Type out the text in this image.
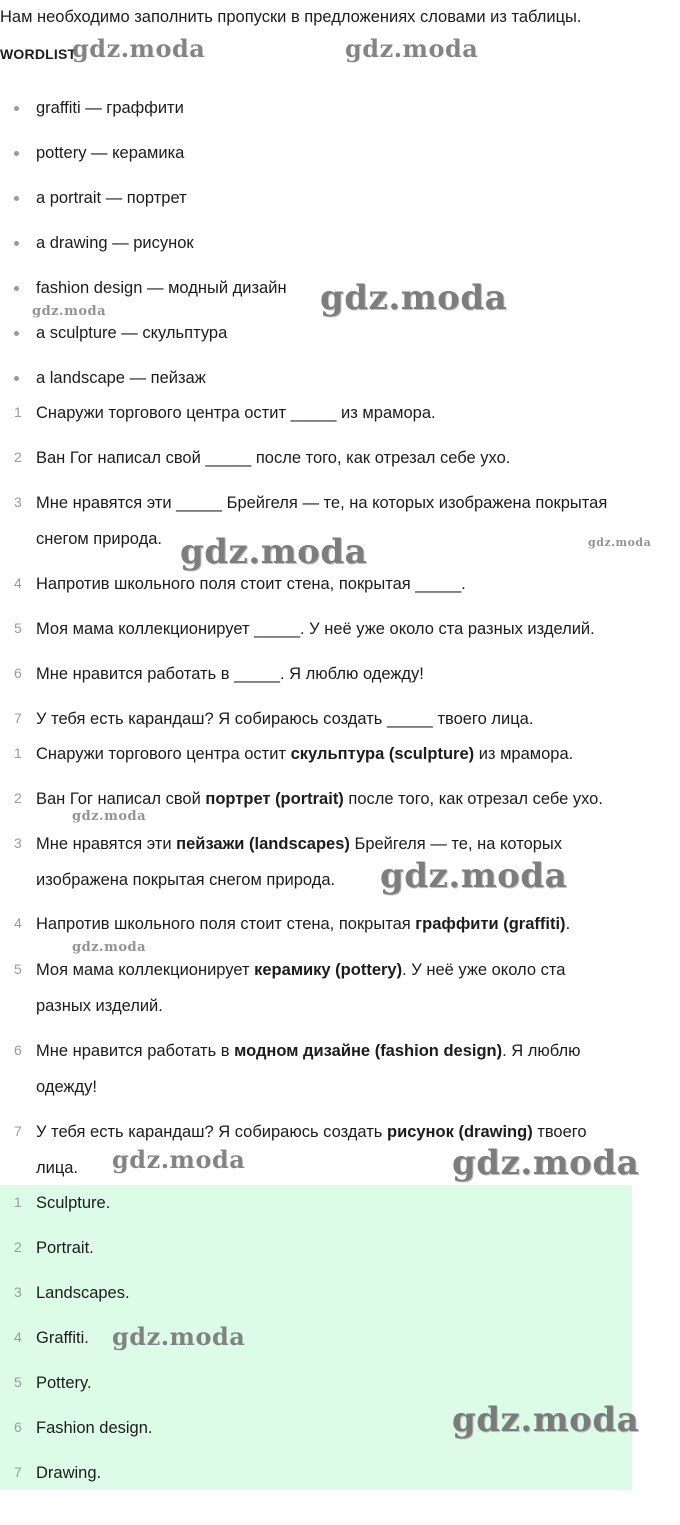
Нам необходимо заполнить пропуски в предложениях словами из таблицы.
WORDLIST
graffiti — граффити
pottery — керамика
a portrait — портрет
a drawing — рисунок
fashion design — модный дизайн
a sculpture — скульптура
a landscape — пейзаж
1 Снаружи торгового центра остит _____ из мрамора.
2 Ван Гог написал свой _____ после того, как отрезал себе ухо.
3 Мне нравятся эти _____ Брейгеля — те, на которых изображена покрытая
снегом природа.
4 Напротив школьного поля стоит стена, покрытая _____.
5 Моя мама коллекционирует _____. У неё уже около ста разных изделий.
6 Мне нравится работать в _____. Я люблю одежду!
7 У тебя есть карандаш? Я собираюсь создать _____ твоего лица.
1 Снаружи торгового центра остит скульптура (sculpture) из мрамора.
2 Ван Гог написал свой портрет (portrait) после того, как отрезал себе ухо.
3 Мне нравятся эти пейзажи (landscapes) Брейгеля — те, на которых
изображена покрытая снегом природа.
4 Напротив школьного поля стоит стена, покрытая граффити (graffiti).
5 Моя мама коллекционирует керамику (pottery). У неё уже около ста
разных изделий.
6 Мне нравится работать в модном дизайне (fashion design). Я люблю
одежду!
7 У тебя есть карандаш? Я собираюсь создать рисунок (drawing) твоего
лица.
1 Sculpture.
2 Portrait.
3 Landscapes.
4 Graffiti.
5 Pottery.
6 Fashion design.
7 Drawing.
gdz.moda	gdz.moda
gdz.moda
gdz.moda
gdz.moda	gdz.moda
gdz.moda
gdz.moda
gdz.moda
gdz.moda	gdz.moda
gdz.moda
gdz.moda
